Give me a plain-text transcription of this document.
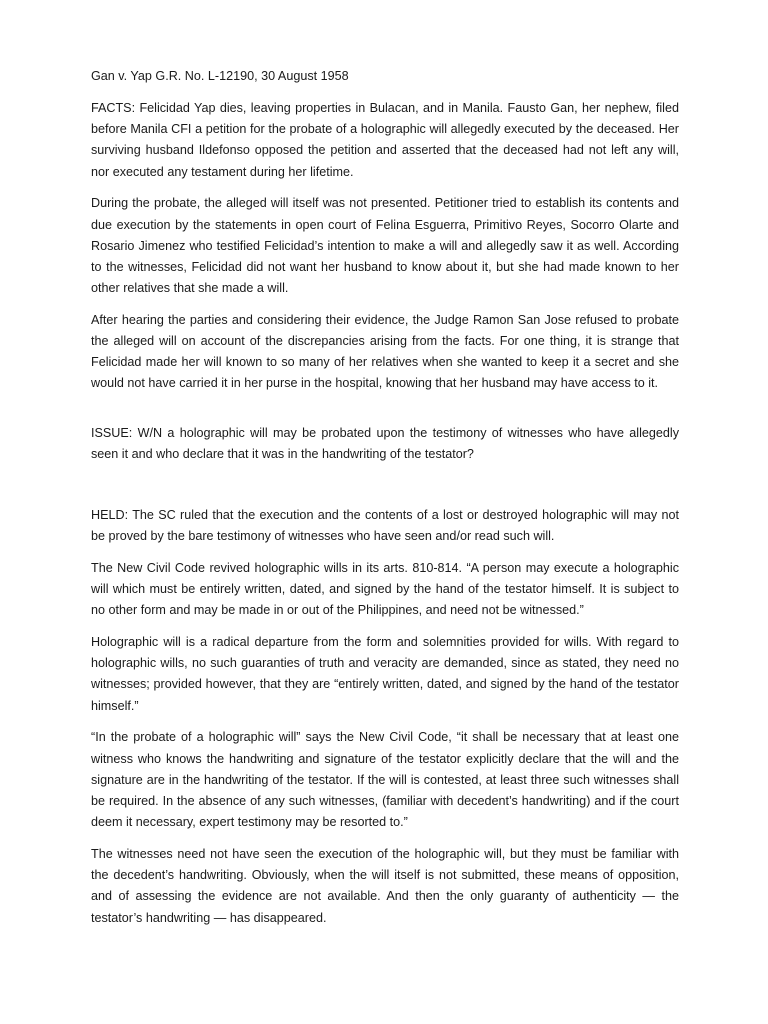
Gan v. Yap G.R. No. L-12190, 30 August 1958

FACTS: Felicidad Yap dies, leaving properties in Bulacan, and in Manila. Fausto Gan, her nephew, filed before Manila CFI a petition for the probate of a holographic will allegedly executed by the deceased. Her surviving husband Ildefonso opposed the petition and asserted that the deceased had not left any will, nor executed any testament during her lifetime.

During the probate, the alleged will itself was not presented. Petitioner tried to establish its contents and due execution by the statements in open court of Felina Esguerra, Primitivo Reyes, Socorro Olarte and Rosario Jimenez who testified Felicidad’s intention to make a will and allegedly saw it as well. According to the witnesses, Felicidad did not want her husband to know about it, but she had made known to her other relatives that she made a will.

After hearing the parties and considering their evidence, the Judge Ramon San Jose refused to probate the alleged will on account of the discrepancies arising from the facts. For one thing, it is strange that Felicidad made her will known to so many of her relatives when she wanted to keep it a secret and she would not have carried it in her purse in the hospital, knowing that her husband may have access to it.

ISSUE: W/N a holographic will may be probated upon the testimony of witnesses who have allegedly seen it and who declare that it was in the handwriting of the testator?

HELD: The SC ruled that the execution and the contents of a lost or destroyed holographic will may not be proved by the bare testimony of witnesses who have seen and/or read such will.

The New Civil Code revived holographic wills in its arts. 810-814. “A person may execute a holographic will which must be entirely written, dated, and signed by the hand of the testator himself. It is subject to no other form and may be made in or out of the Philippines, and need not be witnessed.”

Holographic will is a radical departure from the form and solemnities provided for wills. With regard to holographic wills, no such guaranties of truth and veracity are demanded, since as stated, they need no witnesses; provided however, that they are “entirely written, dated, and signed by the hand of the testator himself.”

“In the probate of a holographic will” says the New Civil Code, “it shall be necessary that at least one witness who knows the handwriting and signature of the testator explicitly declare that the will and the signature are in the handwriting of the testator. If the will is contested, at least three such witnesses shall be required. In the absence of any such witnesses, (familiar with decedent’s handwriting) and if the court deem it necessary, expert testimony may be resorted to.”

The witnesses need not have seen the execution of the holographic will, but they must be familiar with the decedent’s handwriting. Obviously, when the will itself is not submitted, these means of opposition, and of assessing the evidence are not available. And then the only guaranty of authenticity — the testator’s handwriting — has disappeared.
